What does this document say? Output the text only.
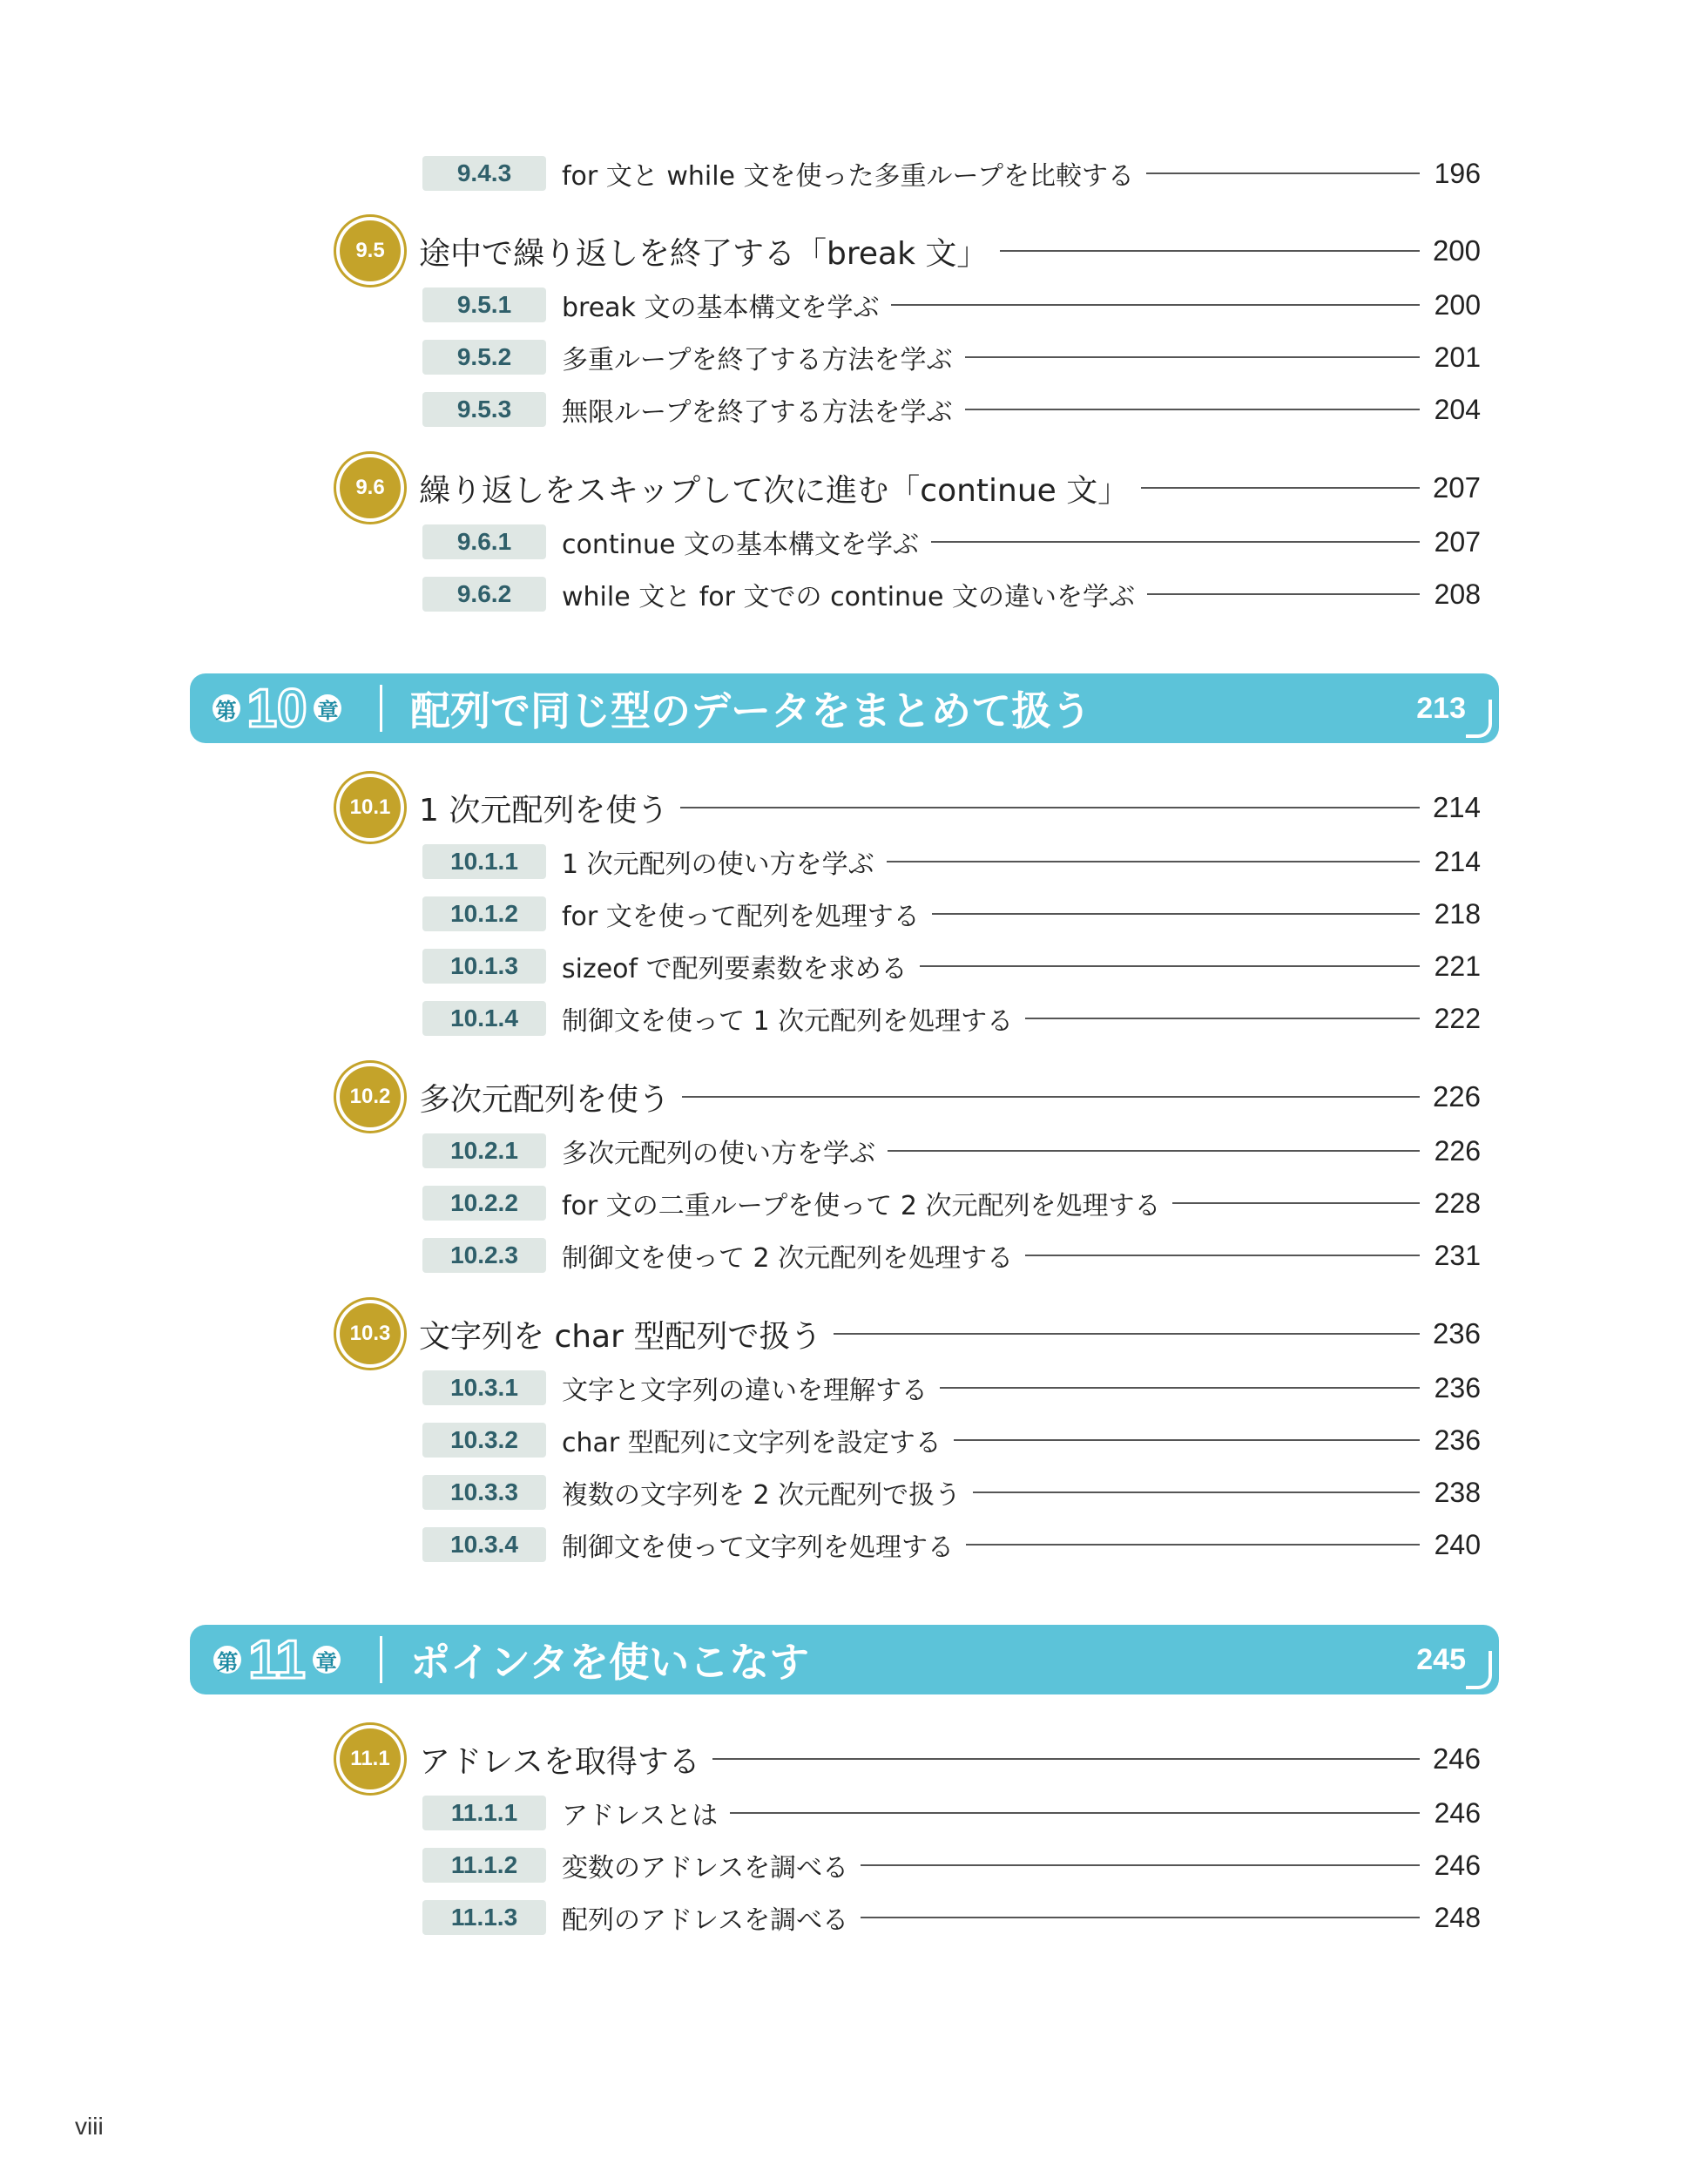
9.4.3	for 文と while 文を使った多重ループを比較する	196
9.5	途中で繰り返しを終了する「break 文」	200
9.5.1	break 文の基本構文を学ぶ	200
9.5.2	多重ループを終了する方法を学ぶ	201
9.5.3	無限ループを終了する方法を学ぶ	204
9.6	繰り返しをスキップして次に進む「continue 文」	207
9.6.1	continue 文の基本構文を学ぶ	207
9.6.2	while 文と for 文での continue 文の違いを学ぶ	208
第 10 章 配列で同じ型のデータをまとめて扱う	213
10.1 1 次元配列を使う	214
10.1.1	1 次元配列の使い方を学ぶ	214
10.1.2	for 文を使って配列を処理する	218
10.1.3	sizeof で配列要素数を求める	221
10.1.4	制御文を使って 1 次元配列を処理する	222
10.2 多次元配列を使う	226
10.2.1	多次元配列の使い方を学ぶ	226
10.2.2	for 文の二重ループを使って 2 次元配列を処理する	228
10.2.3	制御文を使って 2 次元配列を処理する	231
10.3 文字列を char 型配列で扱う	236
10.3.1	文字と文字列の違いを理解する	236
10.3.2	char 型配列に文字列を設定する	236
10.3.3	複数の文字列を 2 次元配列で扱う	238
10.3.4	制御文を使って文字列を処理する	240
第 11 章 ポインタを使いこなす	245
11.1 アドレスを取得する	246
11.1.1	アドレスとは	246
11.1.2	変数のアドレスを調べる	246
11.1.3	配列のアドレスを調べる	248
viii
